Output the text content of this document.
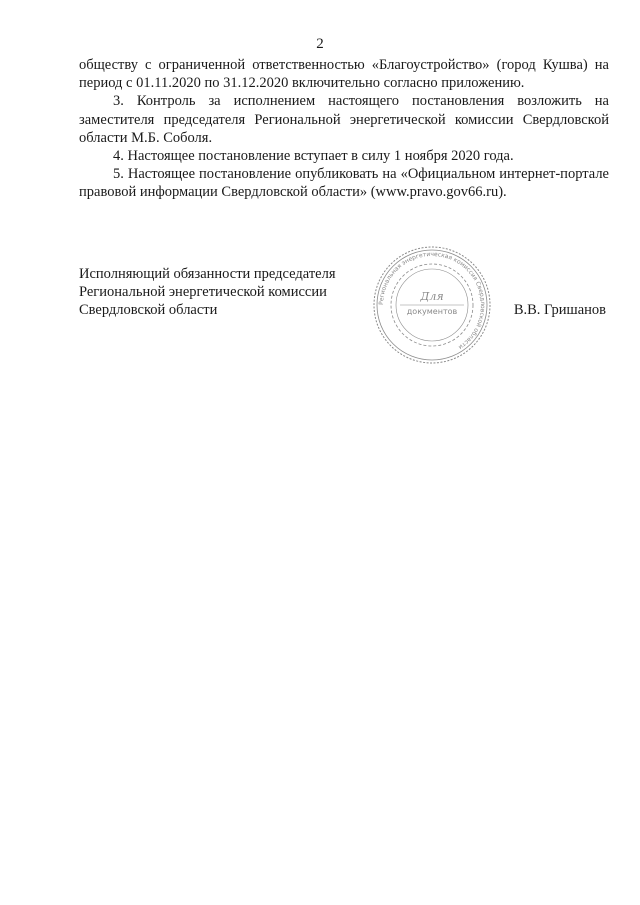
2

обществу с ограниченной ответственностью «Благоустройство» (город Кушва) на период с 01.11.2020 по 31.12.2020 включительно согласно приложению.

3. Контроль за исполнением настоящего постановления возложить на заместителя председателя Региональной энергетической комиссии Свердловской области М.Б. Соболя.

4. Настоящее постановление вступает в силу 1 ноября 2020 года.

5. Настоящее постановление опубликовать на «Официальном интернет-портале правовой информации Свердловской области» (www.pravo.gov66.ru).

Исполняющий обязанности председателя
Региональной энергетической комиссии
Свердловской области	Региональная энергетическая комиссия Свердловской области
Для
документов	В.В. Гришанов
